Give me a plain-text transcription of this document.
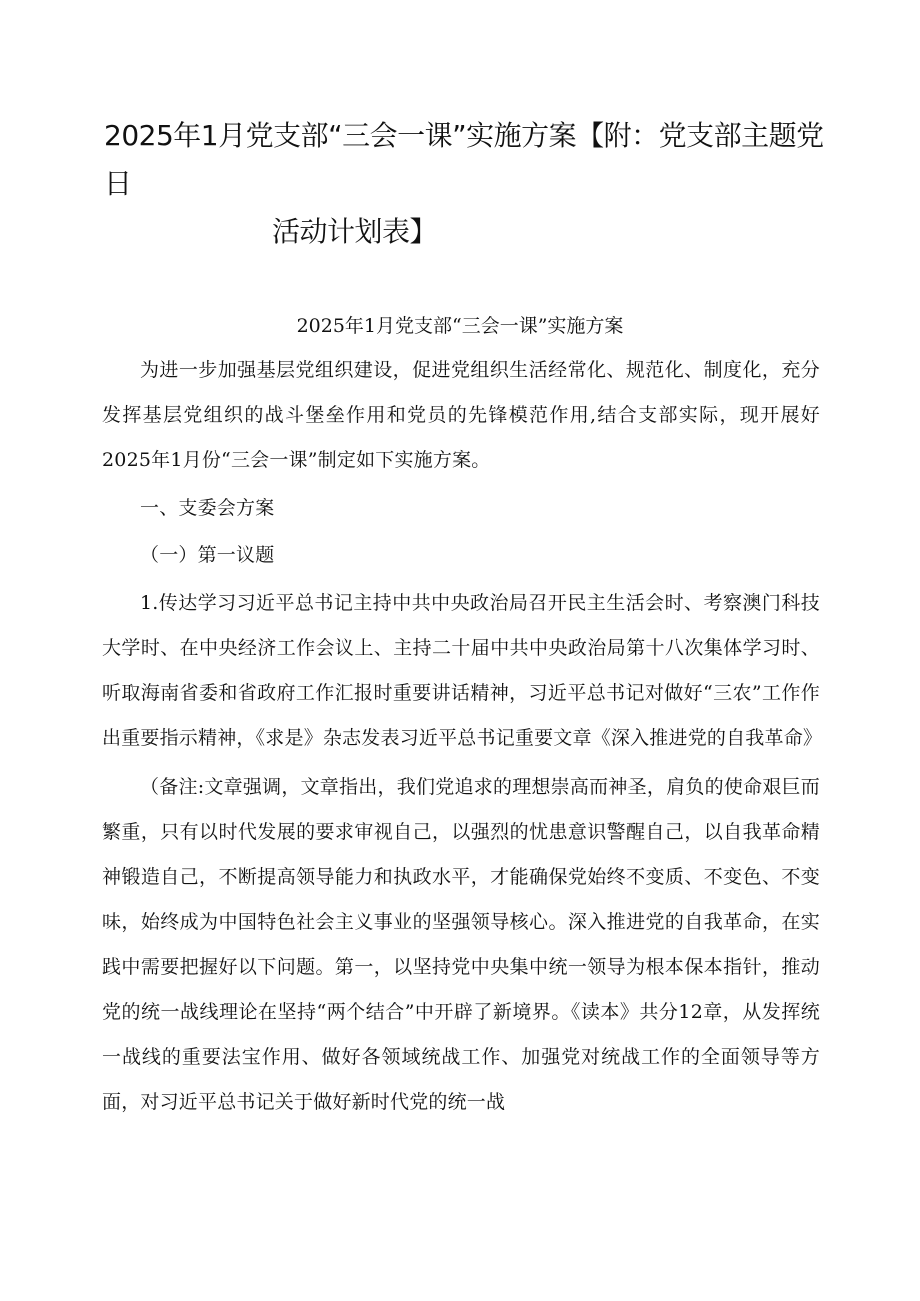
2025年1月党支部“三会一课”实施方案【附：党支部主题党日
活动计划表】
2025年1月党支部“三会一课”实施方案

为进一步加强基层党组织建设，促进党组织生活经常化、规范化、制度化，充分发挥基层党组织的战斗堡垒作用和党员的先锋模范作用,结合支部实际，现开展好2025年1月份“三会一课”制定如下实施方案。

一、支委会方案

（一）第一议题

1.传达学习习近平总书记主持中共中央政治局召开民主生活会时、考察澳门科技大学时、在中央经济工作会议上、主持二十届中共中央政治局第十八次集体学习时、听取海南省委和省政府工作汇报时重要讲话精神，习近平总书记对做好“三农”工作作出重要指示精神，《求是》杂志发表习近平总书记重要文章《深入推进党的自我革命》

（备注:文章强调，文章指出，我们党追求的理想崇高而神圣，肩负的使命艰巨而繁重，只有以时代发展的要求审视自己，以强烈的忧患意识警醒自己，以自我革命精神锻造自己，不断提高领导能力和执政水平，才能确保党始终不变质、不变色、不变味，始终成为中国特色社会主义事业的坚强领导核心。深入推进党的自我革命，在实践中需要把握好以下问题。第一，以坚持党中央集中统一领导为根本保本指针，推动党的统一战线理论在坚持“两个结合”中开辟了新境界。《读本》共分12章，从发挥统一战线的重要法宝作用、做好各领域统战工作、加强党对统战工作的全面领导等方面，对习近平总书记关于做好新时代党的统一战
